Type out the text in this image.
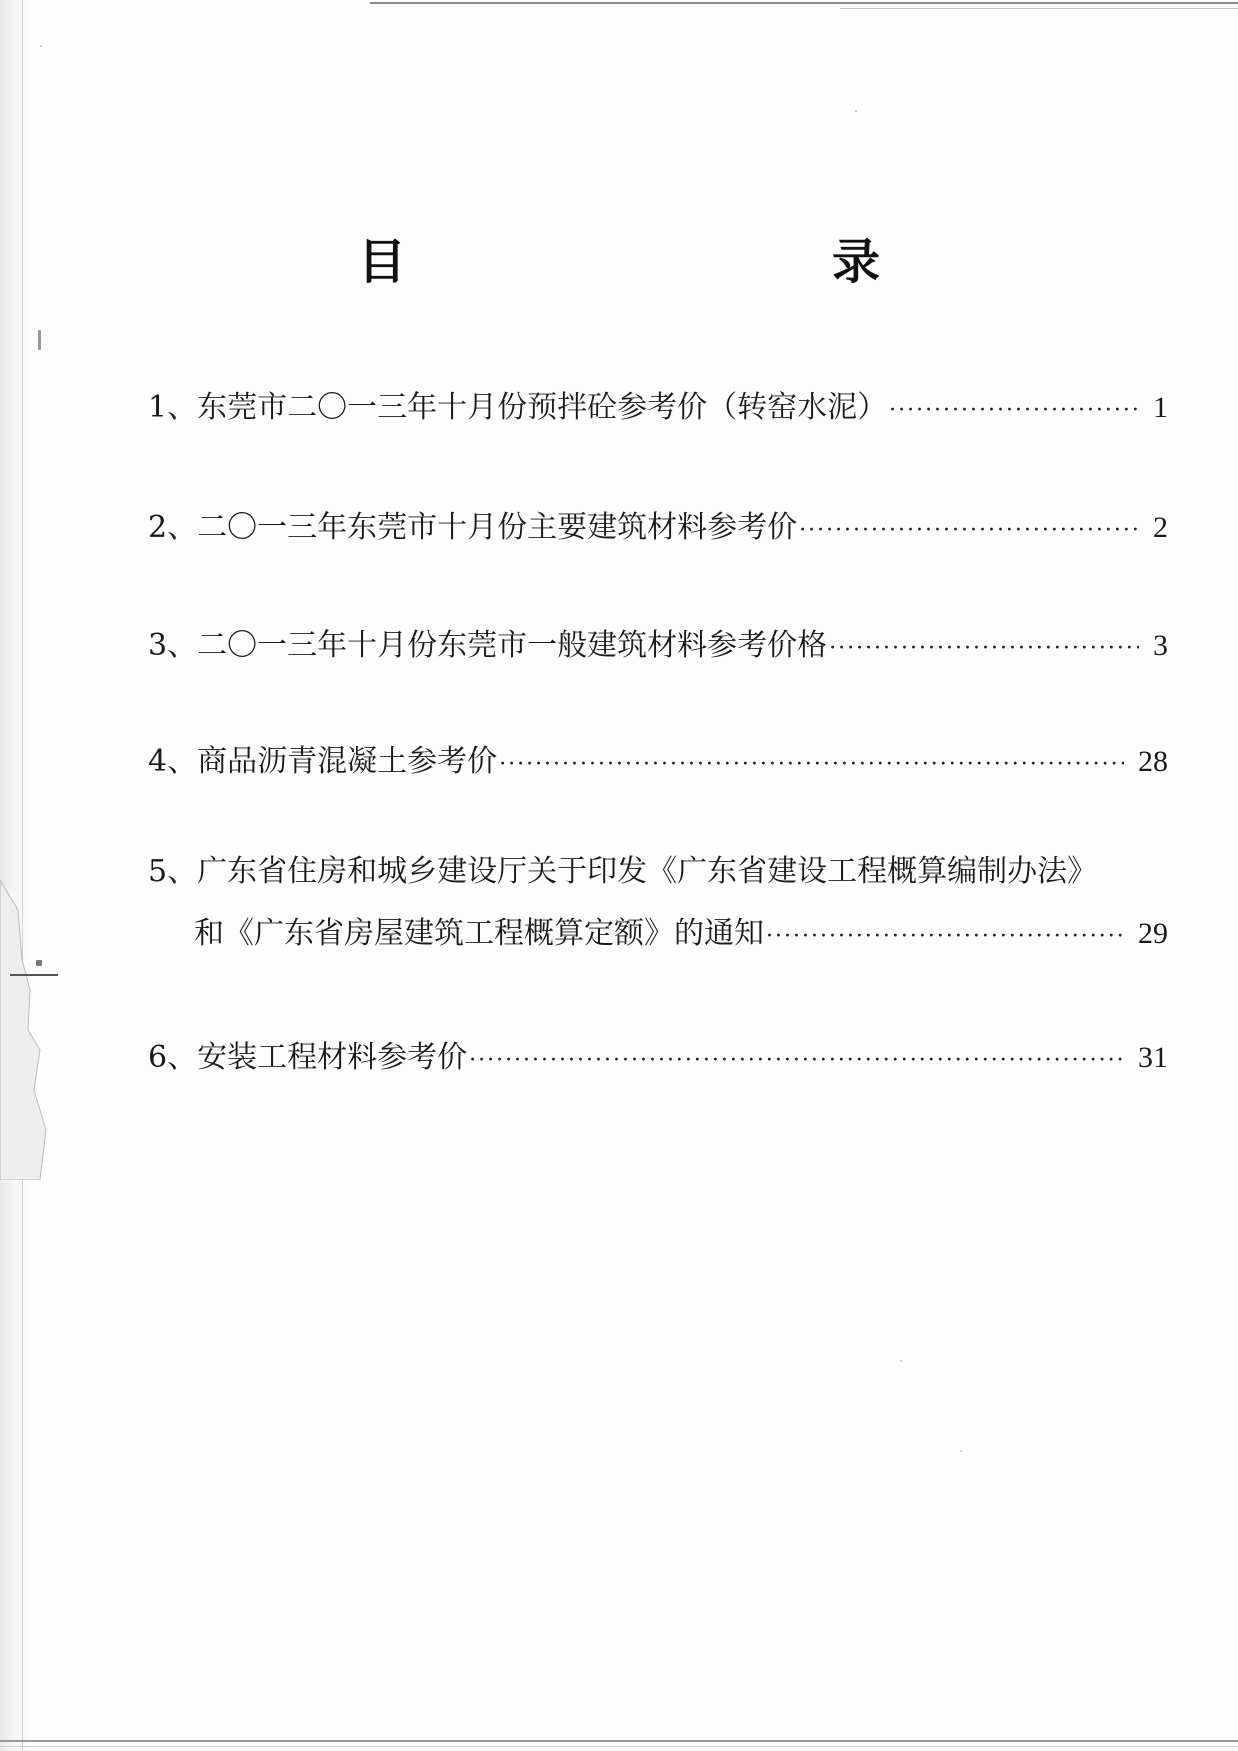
目　　录
1、 东莞市二〇一三年十月份预拌砼参考价（转窑水泥） ·····	1
2、 二〇一三年东莞市十月份主要建筑材料参考价 ·····	2
3、 二〇一三年十月份东莞市一般建筑材料参考价格 ·····	3
4、 商品沥青混凝土参考价 ·····	28
5、广东省住房和城乡建设厅关于印发《广东省建设工程概算编制办法》
和《广东省房屋建筑工程概算定额》的通知 ·····	29
6、 安装工程材料参考价 ·····	31
